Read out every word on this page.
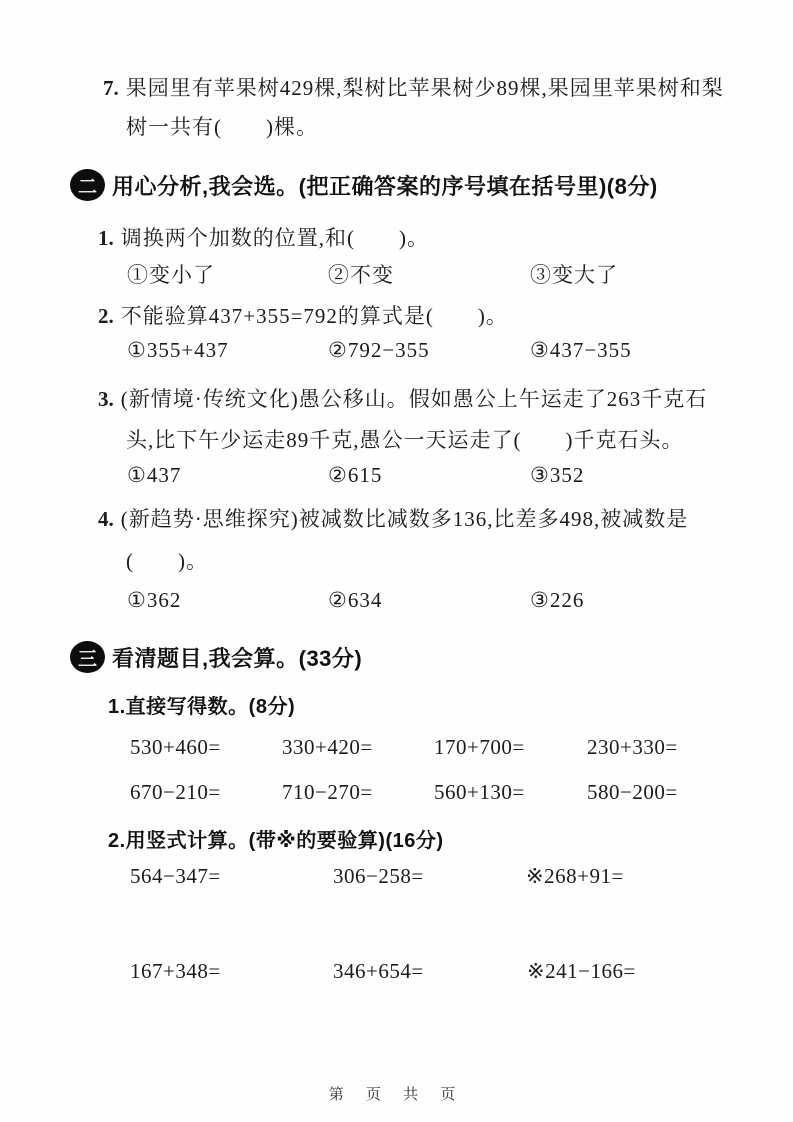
7. 果园里有苹果树429棵,梨树比苹果树少89棵,果园里苹果树和梨
树一共有(　　)棵。
二 用心分析,我会选。(把正确答案的序号填在括号里)(8分)
1. 调换两个加数的位置,和(　　)。
①变小了	②不变	③变大了
2. 不能验算437+355=792的算式是(　　)。
①355+437	②792−355	③437−355
3. (新情境·传统文化)愚公移山。假如愚公上午运走了263千克石
头,比下午少运走89千克,愚公一天运走了(　　)千克石头。
①437	②615	③352
4. (新趋势·思维探究)被减数比减数多136,比差多498,被减数是
(　　)。
①362	②634	③226
三 看清题目,我会算。(33分)
1.直接写得数。(8分)
530+460=	330+420=	170+700=	230+330=
670−210=	710−270=	560+130=	580−200=
2.用竖式计算。(带※的要验算)(16分)
564−347=	306−258=	※268+91=
167+348=	346+654=	※241−166=
第 页 共 页
